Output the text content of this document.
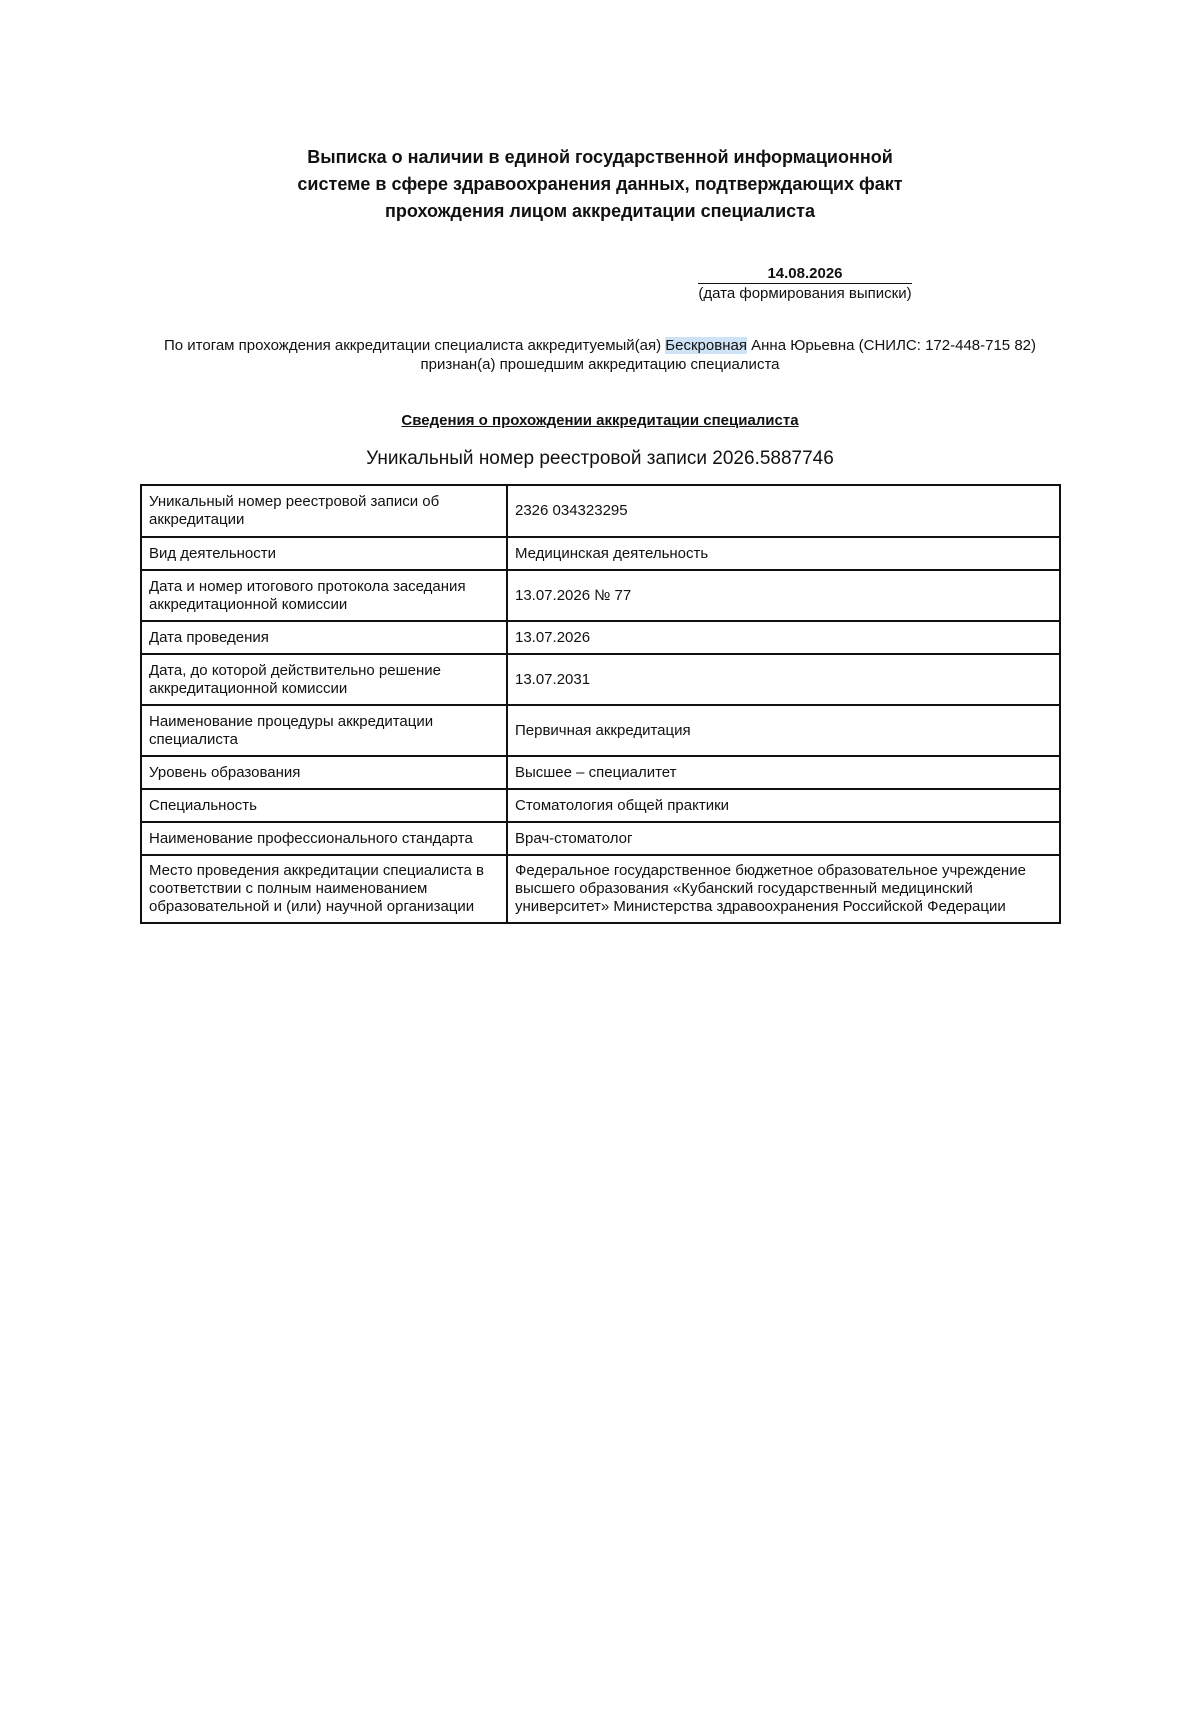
Выписка о наличии в единой государственной информационной
системе в сфере здравоохранения данных, подтверждающих факт
прохождения лицом аккредитации специалиста
14.08.2026
(дата формирования выписки)
По итогам прохождения аккредитации специалиста аккредитуемый(ая) Бескровная Анна Юрьевна (СНИЛС: 172-448-715 82)
признан(а) прошедшим аккредитацию специалиста
Сведения о прохождении аккредитации специалиста
Уникальный номер реестровой записи 2026.5887746
Уникальный номер реестровой записи об аккредитации	2326 034323295
Вид деятельности	Медицинская деятельность
Дата и номер итогового протокола заседания аккредитационной комиссии	13.07.2026 № 77
Дата проведения	13.07.2026
Дата, до которой действительно решение аккредитационной комиссии	13.07.2031
Наименование процедуры аккредитации специалиста	Первичная аккредитация
Уровень образования	Высшее – специалитет
Специальность	Стоматология общей практики
Наименование профессионального стандарта	Врач-стоматолог
Место проведения аккредитации специалиста в соответствии с полным наименованием образовательной и (или) научной организации	Федеральное государственное бюджетное образовательное учреждение высшего образования «Кубанский государственный медицинский университет» Министерства здравоохранения Российской Федерации
